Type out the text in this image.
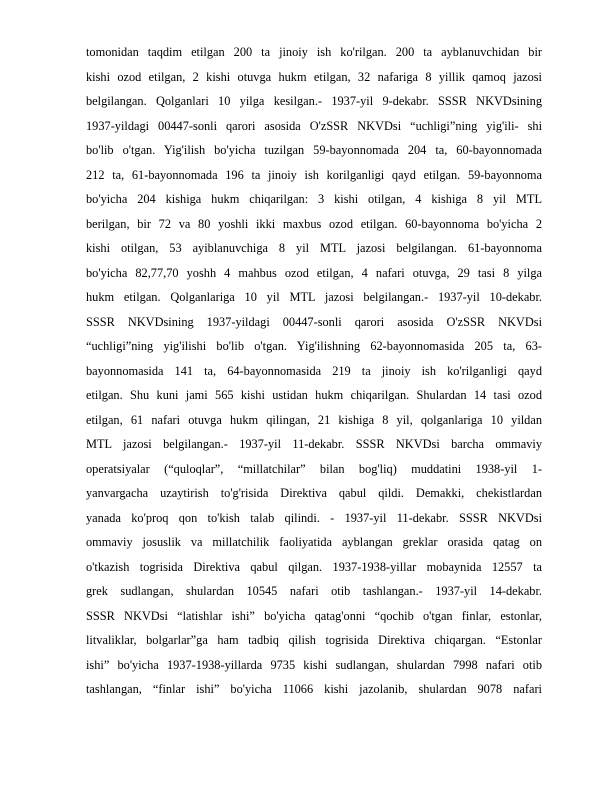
tomonidan taqdim etilgan 200 ta jinoiy ish ko'rilgan. 200 ta ayblanuvchidan bir
kishi ozod etilgan, 2 kishi otuvga hukm etilgan, 32 nafariga 8 yillik qamoq jazosi
belgilangan. Qolganlari 10 yilga kesilgan.- 1937-yil 9-dekabr. SSSR NKVDsining
1937-yildagi 00447-sonli qarori asosida O'zSSR NKVDsi “uchligi”ning yig'ili- shi
bo'lib o'tgan. Yig'ilish bo'yicha tuzilgan 59-bayonnomada 204 ta, 60-bayonnomada
212 ta, 61-bayonnomada 196 ta jinoiy ish korilganligi qayd etilgan. 59-bayonnoma
bo'yicha 204 kishiga hukm chiqarilgan: 3 kishi otilgan, 4 kishiga 8 yil MTL
berilgan, bir 72 va 80 yoshli ikki maxbus ozod etilgan. 60-bayonnoma bo'yicha 2
kishi otilgan, 53 ayiblanuvchiga 8 yil MTL jazosi belgilangan. 61-bayonnoma
bo'yicha 82,77,70 yoshh 4 mahbus ozod etilgan, 4 nafari otuvga, 29 tasi 8 yilga
hukm etilgan. Qolganlariga 10 yil MTL jazosi belgilangan.- 1937-yil 10-dekabr.
SSSR NKVDsining 1937-yildagi 00447-sonli qarori asosida O'zSSR NKVDsi
“uchligi”ning yig'ilishi bo'lib o'tgan. Yig'ilishning 62-bayonnomasida 205 ta, 63-
bayonnomasida 141 ta, 64-bayonnomasida 219 ta jinoiy ish ko'rilganligi qayd
etilgan. Shu kuni jami 565 kishi ustidan hukm chiqarilgan. Shulardan 14 tasi ozod
etilgan, 61 nafari otuvga hukm qilingan, 21 kishiga 8 yil, qolganlariga 10 yildan
MTL jazosi belgilangan.- 1937-yil 11-dekabr. SSSR NKVDsi barcha ommaviy
operatsiyalar (“quloqlar”, “millatchilar” bilan bog'liq) muddatini 1938-yil 1-
yanvargacha uzaytirish to'g'risida Direktiva qabul qildi. Demakki, chekistlardan
yanada ko'proq qon to'kish talab qilindi. - 1937-yil 11-dekabr. SSSR NKVDsi
ommaviy josuslik va millatchilik faoliyatida ayblangan greklar orasida qatag on
o'tkazish togrisida Direktiva qabul qilgan. 1937-1938-yillar mobaynida 12557 ta
grek sudlangan, shulardan 10545 nafari otib tashlangan.- 1937-yil 14-dekabr.
SSSR NKVDsi “latishlar ishi” bo'yicha qatag'onni “qochib o'tgan finlar, estonlar,
litvaliklar, bolgarlar”ga ham tadbiq qilish togrisida Direktiva chiqargan. “Estonlar
ishi” bo'yicha 1937-1938-yillarda 9735 kishi sudlangan, shulardan 7998 nafari otib
tashlangan, “finlar ishi” bo'yicha 11066 kishi jazolanib, shulardan 9078 nafari
